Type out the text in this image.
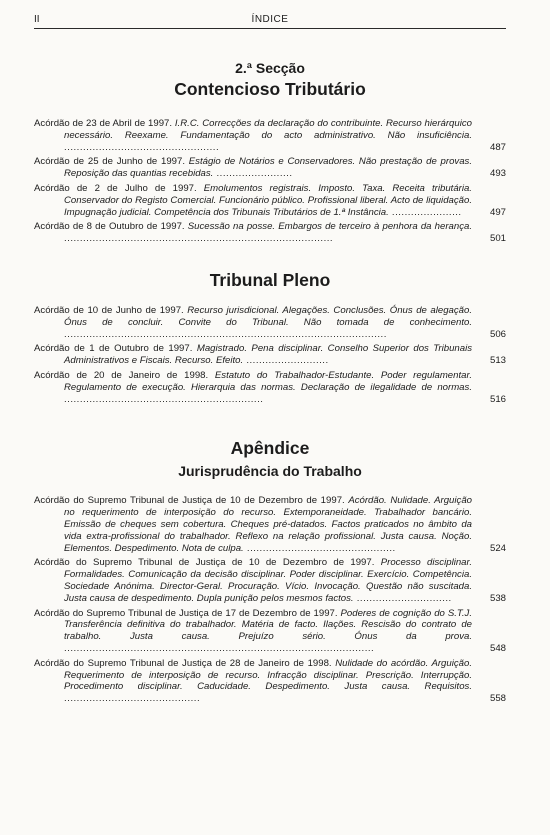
II	ÍNDICE
2.ª Secção
Contencioso Tributário
Acórdão de 23 de Abril de 1997. I.R.C. Correcções da declaração do contribuinte. Recurso hierárquico necessário. Reexame. Fundamentação do acto administrativo. Não insuficiência. .................................................	487
Acórdão de 25 de Junho de 1997. Estágio de Notários e Conservadores. Não prestação de provas. Reposição das quantias recebidas. ........................	493
Acórdão de 2 de Julho de 1997. Emolumentos registrais. Imposto. Taxa. Receita tributária. Conservador do Registo Comercial. Funcionário público. Profissional liberal. Acto de liquidação. Impugnação judicial. Competência dos Tribunais Tributários de 1.ª Instância. ......................	497
Acórdão de 8 de Outubro de 1997. Sucessão na posse. Embargos de terceiro à penhora da herança. .....................................................................................	501
Tribunal Pleno
Acórdão de 10 de Junho de 1997. Recurso jurisdicional. Alegações. Conclusões. Ónus de alegação. Ónus de concluir. Convite do Tribunal. Não tomada de conhecimento. ......................................................................................................	506
Acórdão de 1 de Outubro de 1997. Magistrado. Pena disciplinar. Conselho Superior dos Tribunais Administrativos e Fiscais. Recurso. Efeito. ..........................	513
Acórdão de 20 de Janeiro de 1998. Estatuto do Trabalhador-Estudante. Poder regulamentar. Regulamento de execução. Hierarquia das normas. Declaração de ilegalidade de normas. ...............................................................	516
Apêndice
Jurisprudência do Trabalho
Acórdão do Supremo Tribunal de Justiça de 10 de Dezembro de 1997. Acórdão. Nulidade. Arguição no requerimento de interposição do recurso. Extemporaneidade. Trabalhador bancário. Emissão de cheques sem cobertura. Cheques pré-datados. Factos praticados no âmbito da vida extra-profissional do trabalhador. Reflexo na relação profissional. Justa causa. Noção. Elementos. Despedimento. Nota de culpa. ...............................................	524
Acórdão do Supremo Tribunal de Justiça de 10 de Dezembro de 1997. Processo disciplinar. Formalidades. Comunicação da decisão disciplinar. Poder disciplinar. Exercício. Competência. Sociedade Anónima. Director-Geral. Procuração. Vício. Invocação. Questão não suscitada. Justa causa de despedimento. Dupla punição pelos mesmos factos. ..............................	538
Acórdão do Supremo Tribunal de Justiça de 17 de Dezembro de 1997. Poderes de cognição do S.T.J. Transferência definitiva do trabalhador. Matéria de facto. Ilações. Rescisão do contrato de trabalho. Justa causa. Prejuízo sério. Ónus da prova. ..................................................................................................	548
Acórdão do Supremo Tribunal de Justiça de 28 de Janeiro de 1998. Nulidade do acórdão. Arguição. Requerimento de interposição de recurso. Infracção disciplinar. Prescrição. Interrupção. Procedimento disciplinar. Caducidade. Despedimento. Justa causa. Requisitos. ...........................................	558
